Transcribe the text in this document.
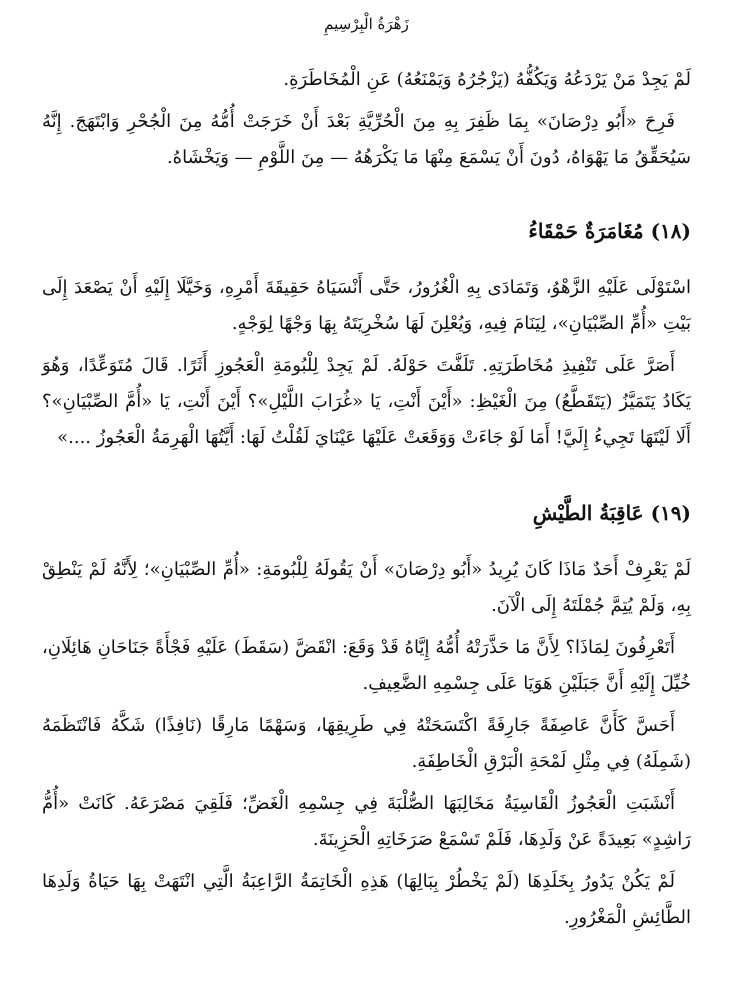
زَهْرَةُ الْبِرْسِيمِ

لَمْ يَجِدْ مَنْ يَرْدَعُهُ وَيَكُفُّهُ (يَزْجُرُهُ وَيَمْنَعُهُ) عَنِ الْمُخَاطَرَةِ.

فَرِحَ «أَبُو دِرْصَانَ» بِمَا ظَفِرَ بِهِ مِنَ الْحُرِّيَّةِ بَعْدَ أَنْ خَرَجَتْ أُمُّهُ مِنَ الْجُحْرِ وَابْتَهَجَ. إِنَّهُ سَيُحَقِّقُ مَا يَهْوَاهُ، دُونَ أَنْ يَسْمَعَ مِنْهَا مَا يَكْرَهُهُ — مِنَ اللَّوْمِ — وَيَخْشَاهُ.

(١٨) مُغَامَرَةٌ حَمْقَاءُ

اسْتَوْلَى عَلَيْهِ الزَّهْوُ، وَتَمَادَى بِهِ الْغُرُورُ، حَتَّى أَنْسَيَاهُ حَقِيقَةَ أَمْرِهِ، وَخَيَّلَا إِلَيْهِ أَنْ يَصْعَدَ إِلَى بَيْتِ «أُمِّ الصِّبْيَانِ»، لِيَنَامَ فِيهِ، وَيُعْلِنَ لَهَا سُخْرِيَتَهُ بِهَا وَجْهًا لِوَجْهٍ.

أَصَرَّ عَلَى تَنْفِيذِ مُخَاطَرَتِهِ. تَلَفَّتَ حَوْلَهُ. لَمْ يَجِدْ لِلْبُومَةِ الْعَجُوزِ أَثَرًا. قَالَ مُتَوَعِّدًا، وَهُوَ يَكَادُ يَتَمَيَّزُ (يَتَقَطَّعُ) مِنَ الْغَيْظِ: «أَيْنَ أَنْتِ، يَا «غُرَابَ اللَّيْلِ»؟ أَيْنَ أَنْتِ، يَا «أُمَّ الصِّبْيَانِ»؟ أَلَا لَيْتَهَا تَجِيءُ إِلَيَّ! أَمَا لَوْ جَاءَتْ وَوَقَعَتْ عَلَيْهَا عَيْنَايَ لَقُلْتُ لَهَا: أَيَّتُهَا الْهَرِمَةُ الْعَجُوزُ ....»

(١٩) عَاقِبَةُ الطَّيْشِ

لَمْ يَعْرِفْ أَحَدٌ مَاذَا كَانَ يُرِيدُ «أَبُو دِرْصَانَ» أَنْ يَقُولَهُ لِلْبُومَةِ: «أُمِّ الصِّبْيَانِ»؛ لِأَنَّهُ لَمْ يَنْطِقْ بِهِ، وَلَمْ يُتِمَّ جُمْلَتَهُ إِلَى الْآنَ.

أَتَعْرِفُونَ لِمَاذَا؟ لِأَنَّ مَا حَذَّرَتْهُ أُمُّهُ إِيَّاهُ قَدْ وَقَعَ: انْقَضَّ (سَقَطَ) عَلَيْهِ فَجْأَةً جَنَاحَانِ هَائِلَانِ، خُيِّلَ إِلَيْهِ أَنَّ جَبَلَيْنِ هَوَيَا عَلَى جِسْمِهِ الضَّعِيفِ.

أَحَسَّ كَأَنَّ عَاصِفَةً جَارِفَةً اكْتَسَحَتْهُ فِي طَرِيقِهَا، وَسَهْمًا مَارِقًا (نَافِذًا) شَكَّهُ فَانْتَظَمَهُ (شَمِلَهُ) فِي مِثْلِ لَمْحَةِ الْبَرْقِ الْخَاطِفَةِ.

أَنْشَبَتِ الْعَجُوزُ الْقَاسِيَةُ مَخَالِبَهَا الصُّلْبَةَ فِي جِسْمِهِ الْغَضِّ؛ فَلَقِيَ مَصْرَعَهُ. كَانَتْ «أُمُّ رَاشِدٍ» بَعِيدَةً عَنْ وَلَدِهَا، فَلَمْ تَسْمَعْ صَرَخَاتِهِ الْحَزِينَةَ.

لَمْ يَكُنْ يَدُورُ بِخَلَدِهَا (لَمْ يَخْطُرْ بِبَالِهَا) هَذِهِ الْخَاتِمَةُ الرَّاعِبَةُ الَّتِي انْتَهَتْ بِهَا حَيَاةُ وَلَدِهَا الطَّائِشِ الْمَغْرُورِ.
